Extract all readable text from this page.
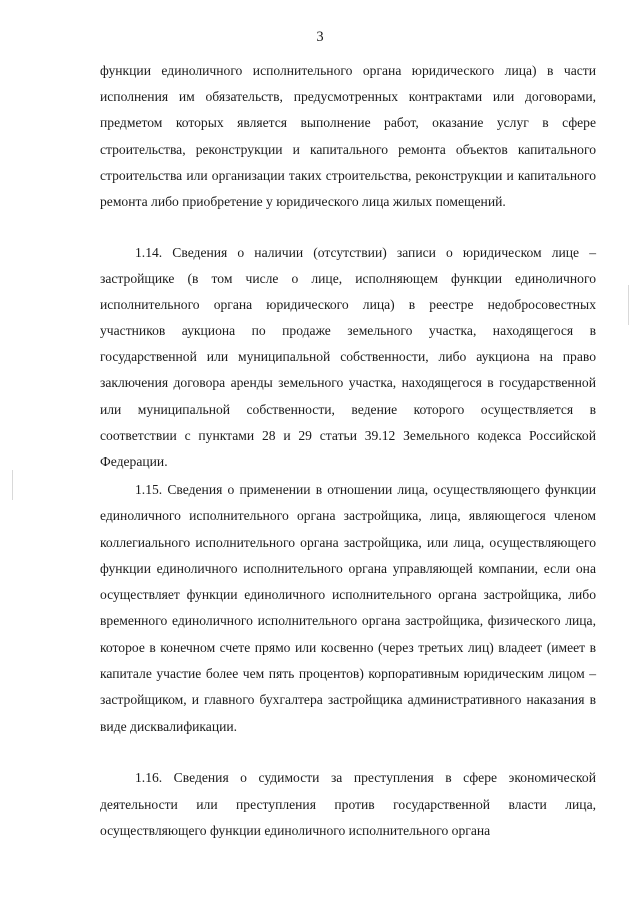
3

функции единоличного исполнительного органа юридического лица) в части исполнения им обязательств, предусмотренных контрактами или договорами, предметом которых является выполнение работ, оказание услуг в сфере строительства, реконструкции и капитального ремонта объектов капитального строительства или организации таких строительства, реконструкции и капитального ремонта либо приобретение у юридического лица жилых помещений.

1.14. Сведения о наличии (отсутствии) записи о юридическом лице – застройщике (в том числе о лице, исполняющем функции единоличного исполнительного органа юридического лица) в реестре недобросовестных участников аукциона по продаже земельного участка, находящегося в государственной или муниципальной собственности, либо аукциона на право заключения договора аренды земельного участка, находящегося в государственной или муниципальной собственности, ведение которого осуществляется в соответствии с пунктами 28 и 29 статьи 39.12 Земельного кодекса Российской Федерации.

1.15. Сведения о применении в отношении лица, осуществляющего функции единоличного исполнительного органа застройщика, лица, являющегося членом коллегиального исполнительного органа застройщика, или лица, осуществляющего функции единоличного исполнительного органа управляющей компании, если она осуществляет функции единоличного исполнительного органа застройщика, либо временного единоличного исполнительного органа застройщика, физического лица, которое в конечном счете прямо или косвенно (через третьих лиц) владеет (имеет в капитале участие более чем пять процентов) корпоративным юридическим лицом – застройщиком, и главного бухгалтера застройщика административного наказания в виде дисквалификации.

1.16. Сведения о судимости за преступления в сфере экономической деятельности или преступления против государственной власти лица, осуществляющего функции единоличного исполнительного органа
